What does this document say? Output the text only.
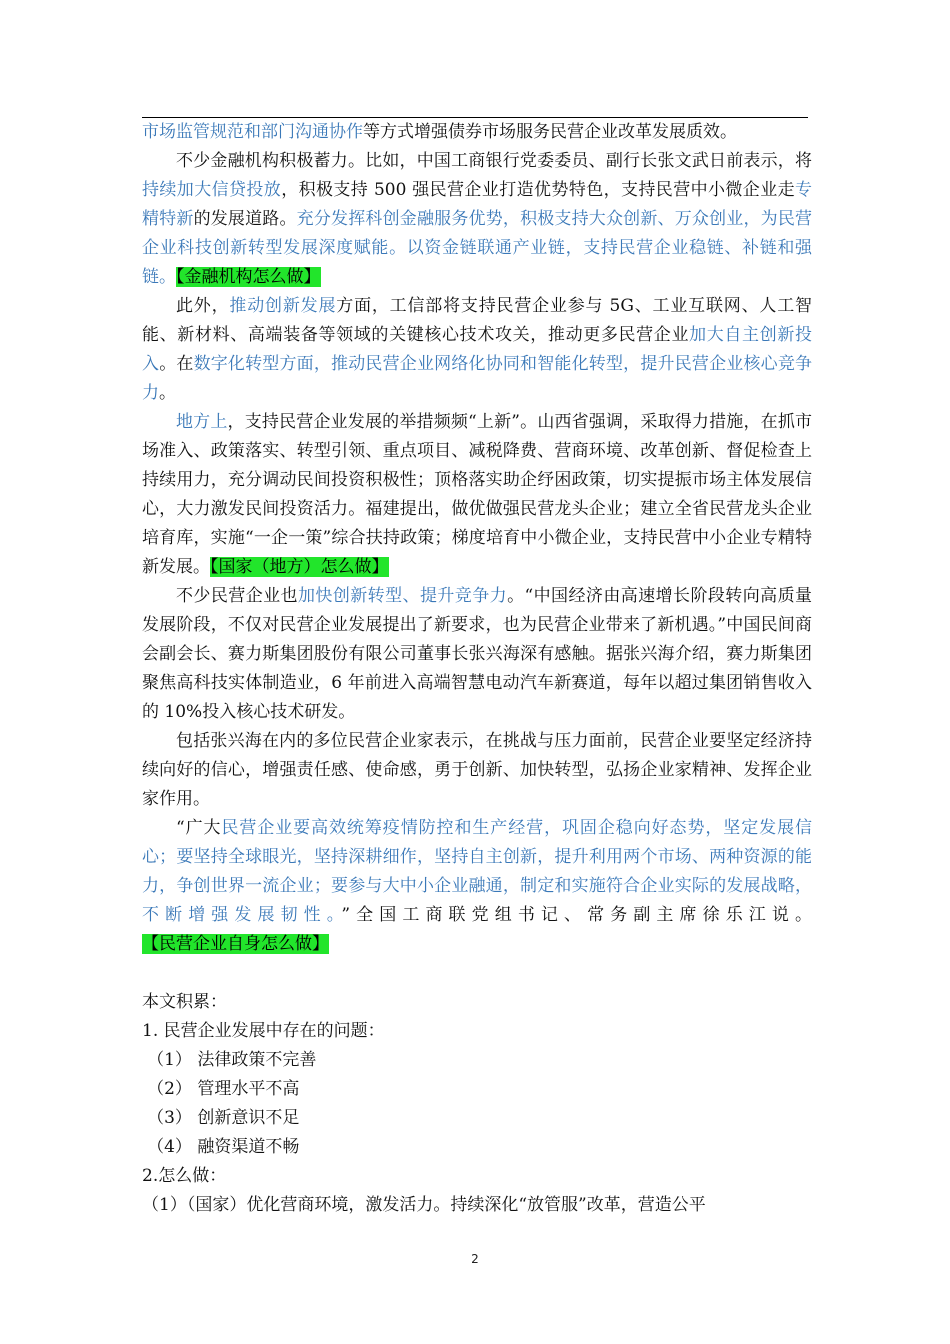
市场监管规范和部门沟通协作等方式增强债券市场服务民营企业改革发展质效。

不少金融机构积极蓄力。比如，中国工商银行党委委员、副行长张文武日前表示，将持续加大信贷投放，积极支持 500 强民营企业打造优势特色，支持民营中小微企业走专精特新的发展道路。充分发挥科创金融服务优势，积极支持大众创新、万众创业，为民营企业科技创新转型发展深度赋能。以资金链联通产业链，支持民营企业稳链、补链和强链。【金融机构怎么做】

此外，推动创新发展方面，工信部将支持民营企业参与 5G、工业互联网、人工智能、新材料、高端装备等领域的关键核心技术攻关，推动更多民营企业加大自主创新投入。在数字化转型方面，推动民营企业网络化协同和智能化转型，提升民营企业核心竞争力。

地方上，支持民营企业发展的举措频频“上新”。山西省强调，采取得力措施，在抓市场准入、政策落实、转型引领、重点项目、减税降费、营商环境、改革创新、督促检查上持续用力，充分调动民间投资积极性；顶格落实助企纾困政策，切实提振市场主体发展信心，大力激发民间投资活力。福建提出，做优做强民营龙头企业；建立全省民营龙头企业培育库，实施“一企一策”综合扶持政策；梯度培育中小微企业，支持民营中小企业专精特新发展。【国家（地方）怎么做】

不少民营企业也加快创新转型、提升竞争力。“中国经济由高速增长阶段转向高质量发展阶段，不仅对民营企业发展提出了新要求，也为民营企业带来了新机遇。”中国民间商会副会长、赛力斯集团股份有限公司董事长张兴海深有感触。据张兴海介绍，赛力斯集团聚焦高科技实体制造业，6 年前进入高端智慧电动汽车新赛道，每年以超过集团销售收入的 10%投入核心技术研发。

包括张兴海在内的多位民营企业家表示，在挑战与压力面前，民营企业要坚定经济持续向好的信心，增强责任感、使命感，勇于创新、加快转型，弘扬企业家精神、发挥企业家作用。

“广大民营企业要高效统筹疫情防控和生产经营，巩固企稳向好态势，坚定发展信心；要坚持全球眼光，坚持深耕细作，坚持自主创新，提升利用两个市场、两种资源的能力，争创世界一流企业；要参与大中小企业融通，制定和实施符合企业实际的发展战略，不断增强发展韧性。”全国工商联党组书记、常务副主席徐乐江说。【民营企业自身怎么做】

本文积累：

1. 民营企业发展中存在的问题：

（1） 法律政策不完善

（2） 管理水平不高

（3） 创新意识不足

（4） 融资渠道不畅

2.怎么做：

（1）（国家）优化营商环境，激发活力。持续深化“放管服”改革，营造公平

2
